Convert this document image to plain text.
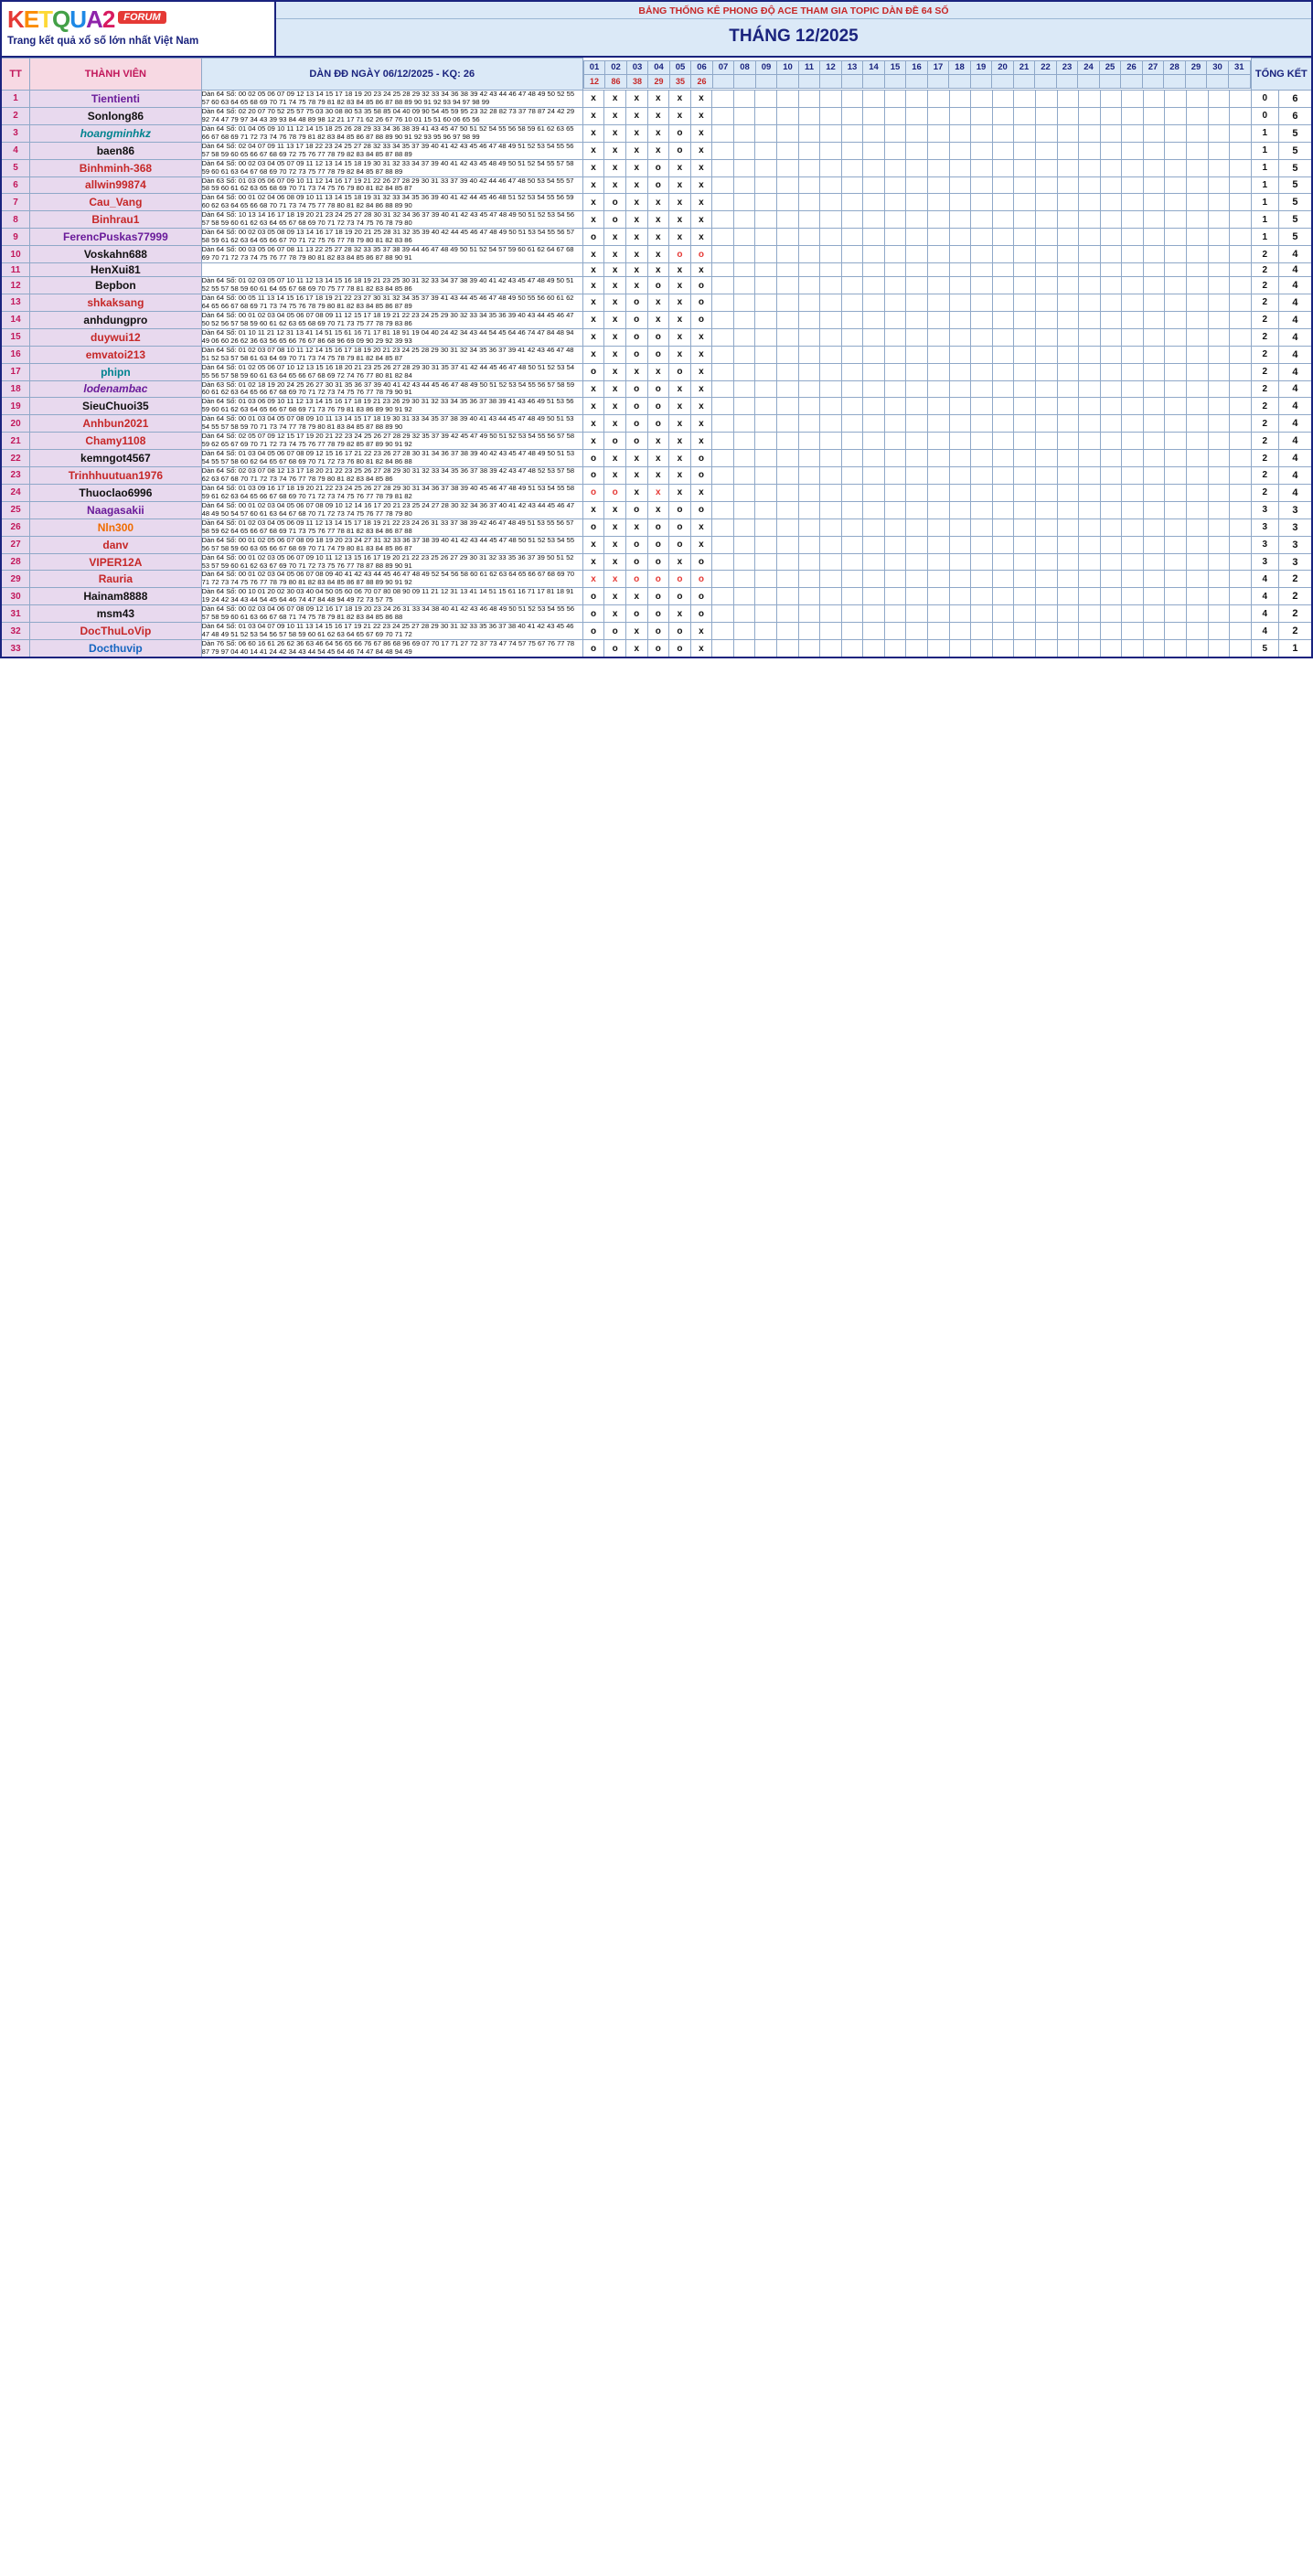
KETQUA2 FORUM
Trang kết quả xổ số lớn nhất Việt Nam
BẢNG THỐNG KÊ PHONG ĐỘ ACE THAM GIA TOPIC DÀN ĐỀ 64 SỐ
THÁNG 12/2025
TT	THÀNH VIÊN	DÀN ĐĐ NGÀY 06/12/2025 - KQ: 26	
01	02	03	04	05	06	07	08	09	10	11	12	13	14	15	16	17	18	19	20	21	22	23	24	25	26	27	28	29	30	31
12	86	38	29	35	26																									
	TỔNG KẾT

1	Tientienti	Dàn 64 Số: 00 02 05 06 07 09 12 13 14 15 17 18 19 20 23 24 25 28 29 32 33 34 36 38 39 42 43 44 46 47 48 49 50 52 55 57 60 63 64 65 68 69 70 71 74 75 78 79 81 82 83 84 85 86 87 88 89 90 91 92 93 94 97 98 99	x	x	x	x	x	x																										0	6
2	Sonlong86	Dàn 64 Số: 02 20 07 70 52 25 57 75 03 30 08 80 53 35 58 85 04 40 09 90 54 45 59 95 23 32 28 82 73 37 78 87 24 42 29 92 74 47 79 97 34 43 39 93 84 48 89 98 12 21 17 71 62 26 67 76 10 01 15 51 60 06 65 56	x	x	x	x	x	x																										0	6
3	hoangminhkz	Dàn 64 Số: 01 04 05 09 10 11 12 14 15 18 25 26 28 29 33 34 36 38 39 41 43 45 47 50 51 52 54 55 56 58 59 61 62 63 65 66 67 68 69 71 72 73 74 76 78 79 81 82 83 84 85 86 87 88 89 90 91 92 93 95 96 97 98 99	x	x	x	x	o	x																										1	5
4	baen86	Dàn 64 Số: 02 04 07 09 11 13 17 18 22 23 24 25 27 28 32 33 34 35 37 39 40 41 42 43 45 46 47 48 49 51 52 53 54 55 56 57 58 59 60 65 66 67 68 69 72 75 76 77 78 79 82 83 84 85 87 88 89	x	x	x	x	o	x																										1	5
5	Binhminh-368	Dàn 64 Số: 00 02 03 04 05 07 09 11 12 13 14 15 18 19 30 31 32 33 34 37 39 40 41 42 43 45 48 49 50 51 52 54 55 57 58 59 60 61 63 64 67 68 69 70 72 73 75 77 78 79 82 84 85 87 88 89	x	x	x	o	x	x																										1	5
6	allwin99874	Dàn 63 Số: 01 03 05 06 07 09 10 11 12 14 16 17 19 21 22 26 27 28 29 30 31 33 37 39 40 42 44 46 47 48 50 53 54 55 57 58 59 60 61 62 63 65 68 69 70 71 73 74 75 76 79 80 81 82 84 85 87	x	x	x	o	x	x																										1	5
7	Cau_Vang	Dàn 64 Số: 00 01 02 04 06 08 09 10 11 13 14 15 18 19 31 32 33 34 35 36 39 40 41 42 44 45 46 48 51 52 53 54 55 56 59 60 62 63 64 65 66 68 70 71 73 74 75 77 78 80 81 82 84 86 88 89 90	x	o	x	x	x	x																										1	5
8	Binhrau1	Dàn 64 Số: 10 13 14 16 17 18 19 20 21 23 24 25 27 28 30 31 32 34 36 37 39 40 41 42 43 45 47 48 49 50 51 52 53 54 56 57 58 59 60 61 62 63 64 65 67 68 69 70 71 72 73 74 75 76 78 79 80	x	o	x	x	x	x																										1	5
9	FerencPuskas77999	Dàn 64 Số: 00 02 03 05 08 09 13 14 16 17 18 19 20 21 25 28 31 32 35 39 40 42 44 45 46 47 48 49 50 51 53 54 55 56 57 58 59 61 62 63 64 65 66 67 70 71 72 75 76 77 78 79 80 81 82 83 86	o	x	x	x	x	x																										1	5
10	Voskahn688	Dàn 64 Số: 00 03 05 06 07 08 11 13 22 25 27 28 32 33 35 37 38 39 44 46 47 48 49 50 51 52 54 57 59 60 61 62 64 67 68 69 70 71 72 73 74 75 76 77 78 79 80 81 82 83 84 85 86 87 88 90 91	x	x	x	x	o	o																										2	4
11	HenXui81		x	x	x	x	x	x																										2	4
12	Bepbon	Dàn 64 Số: 01 02 03 05 07 10 11 12 13 14 15 16 18 19 21 23 25 30 31 32 33 34 37 38 39 40 41 42 43 45 47 48 49 50 51 52 55 57 58 59 60 61 64 65 67 68 69 70 75 77 78 81 82 83 84 85 86	x	x	x	o	x	o																										2	4
13	shkaksang	Dàn 64 Số: 00 05 11 13 14 15 16 17 18 19 21 22 23 27 30 31 32 34 35 37 39 41 43 44 45 46 47 48 49 50 55 56 60 61 62 64 65 66 67 68 69 71 73 74 75 76 78 79 80 81 82 83 84 85 86 87 89	x	x	o	x	x	o																										2	4
14	anhdungpro	Dàn 64 Số: 00 01 02 03 04 05 06 07 08 09 11 12 15 17 18 19 21 22 23 24 25 29 30 32 33 34 35 36 39 40 43 44 45 46 47 50 52 56 57 58 59 60 61 62 63 65 68 69 70 71 73 75 77 78 79 83 86	x	x	o	x	x	o																										2	4
15	duywui12	Dàn 64 Số: 01 10 11 21 12 31 13 41 14 51 15 61 16 71 17 81 18 91 19 04 40 24 42 34 43 44 54 45 64 46 74 47 84 48 94 49 06 60 26 62 36 63 56 65 66 76 67 86 68 96 69 09 90 29 92 39 93	x	x	o	o	x	x																										2	4
16	emvatoi213	Dàn 64 Số: 01 02 03 07 08 10 11 12 14 15 16 17 18 19 20 21 23 24 25 28 29 30 31 32 34 35 36 37 39 41 42 43 46 47 48 51 52 53 57 58 61 63 64 69 70 71 73 74 75 78 79 81 82 84 85 87	x	x	o	o	x	x																										2	4
17	phipn	Dàn 64 Số: 01 02 05 06 07 10 12 13 15 16 18 20 21 23 25 26 27 28 29 30 31 35 37 41 42 44 45 46 47 48 50 51 52 53 54 55 56 57 58 59 60 61 63 64 65 66 67 68 69 72 74 76 77 80 81 82 84	o	x	x	x	o	x																										2	4
18	lodenambac	Dàn 63 Số: 01 02 18 19 20 24 25 26 27 30 31 35 36 37 39 40 41 42 43 44 45 46 47 48 49 50 51 52 53 54 55 56 57 58 59 60 61 62 63 64 65 66 67 68 69 70 71 72 73 74 75 76 77 78 79 90 91	x	x	o	o	x	x																										2	4
19	SieuChuoi35	Dàn 64 Số: 01 03 06 09 10 11 12 13 14 15 16 17 18 19 21 23 26 29 30 31 32 33 34 35 36 37 38 39 41 43 46 49 51 53 56 59 60 61 62 63 64 65 66 67 68 69 71 73 76 79 81 83 86 89 90 91 92	x	x	o	o	x	x																										2	4
20	Anhbun2021	Dàn 64 Số: 00 01 03 04 05 07 08 09 10 11 13 14 15 17 18 19 30 31 33 34 35 37 38 39 40 41 43 44 45 47 48 49 50 51 53 54 55 57 58 59 70 71 73 74 77 78 79 80 81 83 84 85 87 88 89 90	x	x	o	o	x	x																										2	4
21	Chamy1108	Dàn 64 Số: 02 05 07 09 12 15 17 19 20 21 22 23 24 25 26 27 28 29 32 35 37 39 42 45 47 49 50 51 52 53 54 55 56 57 58 59 62 65 67 69 70 71 72 73 74 75 76 77 78 79 82 85 87 89 90 91 92	x	o	o	x	x	x																										2	4
22	kemngot4567	Dàn 64 Số: 01 03 04 05 06 07 08 09 12 15 16 17 21 22 23 26 27 28 30 31 34 36 37 38 39 40 42 43 45 47 48 49 50 51 53 54 55 57 58 60 62 64 65 67 68 69 70 71 72 73 76 80 81 82 84 86 88	o	x	x	x	x	o																										2	4
23	Trinhhuutuan1976	Dàn 64 Số: 02 03 07 08 12 13 17 18 20 21 22 23 25 26 27 28 29 30 31 32 33 34 35 36 37 38 39 42 43 47 48 52 53 57 58 62 63 67 68 70 71 72 73 74 76 77 78 79 80 81 82 83 84 85 86	o	x	x	x	x	o																										2	4
24	Thuoclao6996	Dàn 64 Số: 01 03 09 16 17 18 19 20 21 22 23 24 25 26 27 28 29 30 31 34 36 37 38 39 40 45 46 47 48 49 51 53 54 55 58 59 61 62 63 64 65 66 67 68 69 70 71 72 73 74 75 76 77 78 79 81 82	o	o	x	x	x	x																										2	4
25	Naagasakii	Dàn 64 Số: 00 01 02 03 04 05 06 07 08 09 10 12 14 16 17 20 21 23 25 24 27 28 30 32 34 36 37 40 41 42 43 44 45 46 47 48 49 50 54 57 60 61 63 64 67 68 70 71 72 73 74 75 76 77 78 79 80	x	x	o	x	o	o																										3	3
26	Nln300	Dàn 64 Số: 01 02 03 04 05 06 09 11 12 13 14 15 17 18 19 21 22 23 24 26 31 33 37 38 39 42 46 47 48 49 51 53 55 56 57 58 59 62 64 65 66 67 68 69 71 73 75 76 77 78 81 82 83 84 86 87 88	o	x	x	o	o	x																										3	3
27	danv	Dàn 64 Số: 00 01 02 05 06 07 08 09 18 19 20 23 24 27 31 32 33 36 37 38 39 40 41 42 43 44 45 47 48 50 51 52 53 54 55 56 57 58 59 60 63 65 66 67 68 69 70 71 74 79 80 81 83 84 85 86 87	x	x	o	o	o	x																										3	3
28	VIPER12A	Dàn 64 Số: 00 01 02 03 05 06 07 09 10 11 12 13 15 16 17 19 20 21 22 23 25 26 27 29 30 31 32 33 35 36 37 39 50 51 52 53 57 59 60 61 62 63 67 69 70 71 72 73 75 76 77 78 87 88 89 90 91	x	x	o	o	x	o																										3	3
29	Rauria	Dàn 64 Số: 00 01 02 03 04 05 06 07 08 09 40 41 42 43 44 45 46 47 48 49 52 54 56 58 60 61 62 63 64 65 66 67 68 69 70 71 72 73 74 75 76 77 78 79 80 81 82 83 84 85 86 87 88 89 90 91 92	x	x	o	o	o	o																										4	2
30	Hainam8888	Dàn 64 Số: 00 10 01 20 02 30 03 40 04 50 05 60 06 70 07 80 08 90 09 11 21 12 31 13 41 14 51 15 61 16 71 17 81 18 91 19 24 42 34 43 44 54 45 64 46 74 47 84 48 94 49 72 73 57 75	o	x	x	o	o	o																										4	2
31	msm43	Dàn 64 Số: 00 02 03 04 06 07 08 09 12 16 17 18 19 20 23 24 26 31 33 34 38 40 41 42 43 46 48 49 50 51 52 53 54 55 56 57 58 59 60 61 63 66 67 68 71 74 75 78 79 81 82 83 84 85 86 88	o	x	o	o	x	o																										4	2
32	DocThuLoVip	Dàn 64 Số: 01 03 04 07 09 10 11 13 14 15 16 17 19 21 22 23 24 25 27 28 29 30 31 32 33 35 36 37 38 40 41 42 43 45 46 47 48 49 51 52 53 54 56 57 58 59 60 61 62 63 64 65 67 69 70 71 72	o	o	x	o	o	x																										4	2
33	Docthuvip	Dàn 76 Số: 06 60 16 61 26 62 36 63 46 64 56 65 66 76 67 86 68 96 69 07 70 17 71 27 72 37 73 47 74 57 75 67 76 77 78 87 79 97 04 40 14 41 24 42 34 43 44 54 45 64 46 74 47 84 48 94 49	o	o	x	o	o	x																										5	1
